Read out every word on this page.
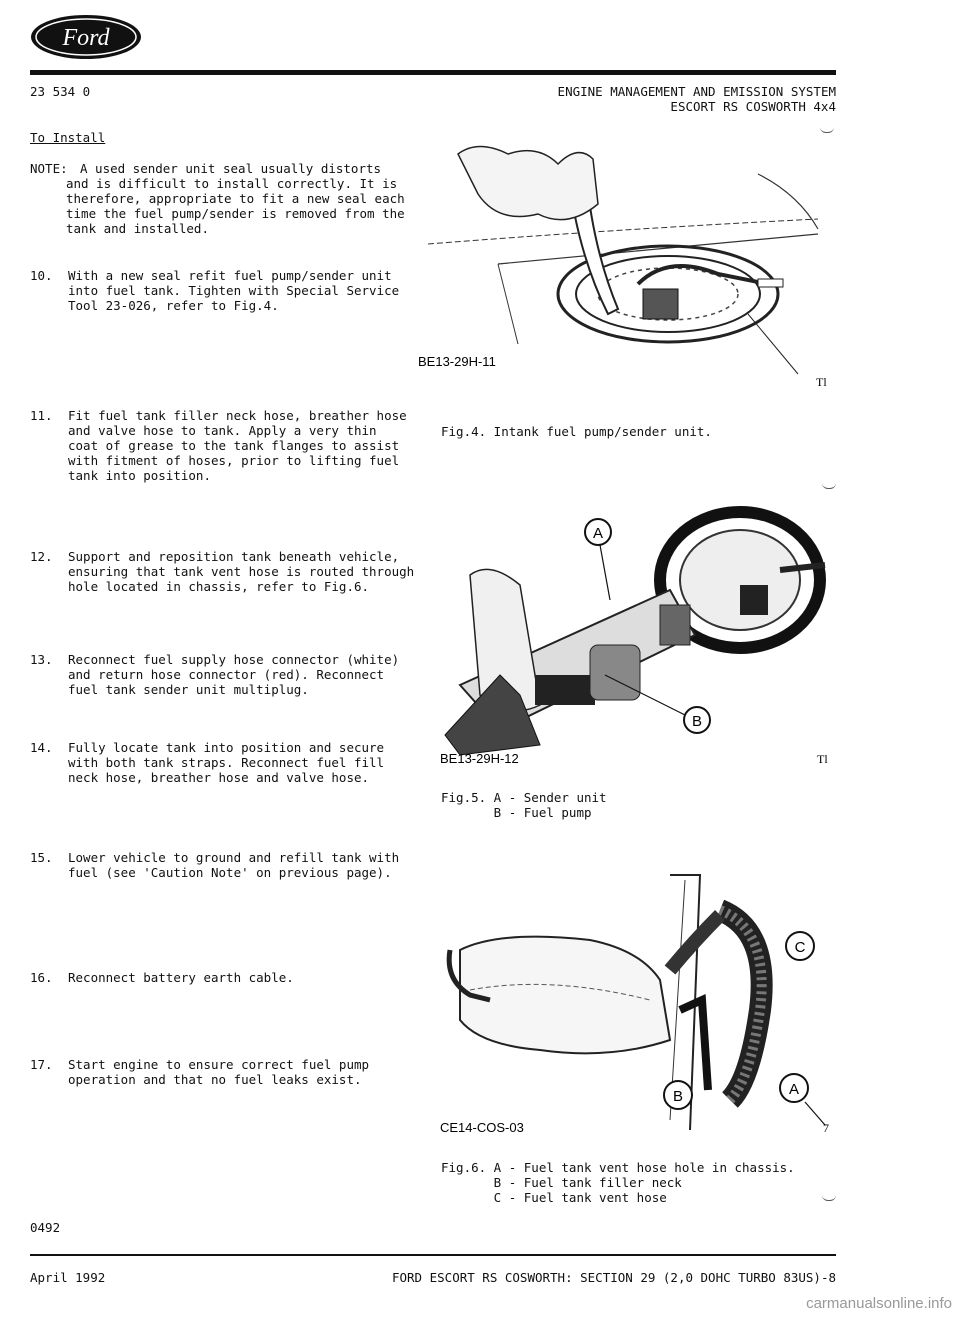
Ford
23 534 0	ENGINE MANAGEMENT AND EMISSION SYSTEM
ESCORT RS COSWORTH 4x4
To Install
NOTE: A used sender unit seal usually distorts
and is difficult to install correctly. It is
therefore, appropriate to fit a new seal each
time the fuel pump/sender is removed from the
tank and installed.
10. With a new seal refit fuel pump/sender unit
into fuel tank. Tighten with Special Service
Tool 23-026, refer to Fig.4.
11. Fit fuel tank filler neck hose, breather hose
and valve hose to tank. Apply a very thin
coat of grease to the tank flanges to assist
with fitment of hoses, prior to lifting fuel
tank into position.
12. Support and reposition tank beneath vehicle,
ensuring that tank vent hose is routed through
hole located in chassis, refer to Fig.6.
13. Reconnect fuel supply hose connector (white)
and return hose connector (red). Reconnect
fuel tank sender unit multiplug.
14. Fully locate tank into position and secure
with both tank straps. Reconnect fuel fill
neck hose, breather hose and valve hose.
15. Lower vehicle to ground and refill tank with
fuel (see 'Caution Note' on previous page).
16. Reconnect battery earth cable.
17. Start engine to ensure correct fuel pump
operation and that no fuel leaks exist.
BE13-29H-11
Tl
Fig.4. Intank fuel pump/sender unit.
A
B
BE13-29H-12	Tl
Fig.5. A - Sender unit
B - Fuel pump
C
B	A
CE14-COS-03	7
Fig.6. A - Fuel tank vent hose hole in chassis.
B - Fuel tank filler neck
C - Fuel tank vent hose
0492
April 1992	FORD ESCORT RS COSWORTH: SECTION 29 (2,0 DOHC TURBO 83US)-8
carmanualsonline.info
